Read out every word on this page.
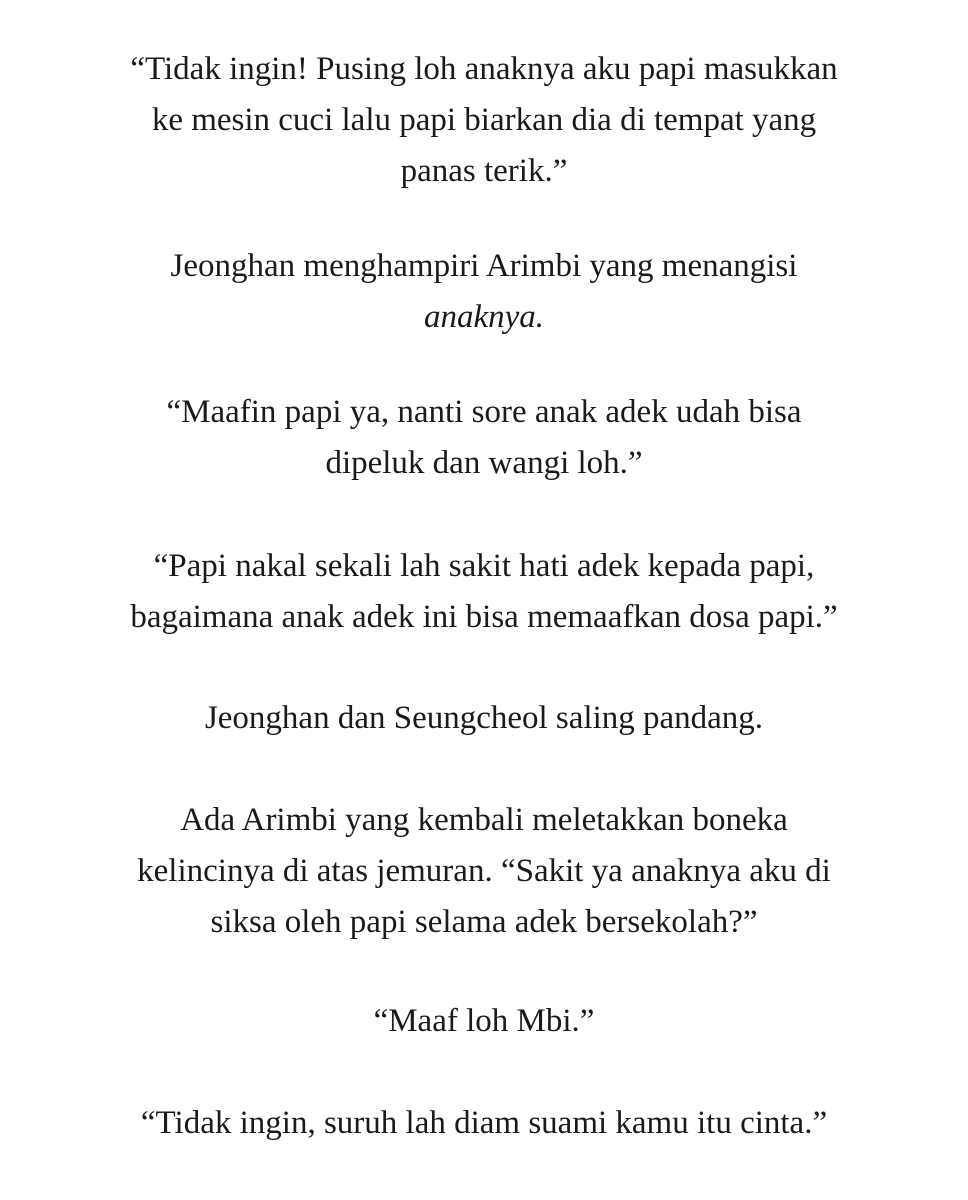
“Tidak ingin! Pusing loh anaknya aku papi masukkan
ke mesin cuci lalu papi biarkan dia di tempat yang
panas terik.”

Jeonghan menghampiri Arimbi yang menangisi
anaknya.

“Maafin papi ya, nanti sore anak adek udah bisa
dipeluk dan wangi loh.”

“Papi nakal sekali lah sakit hati adek kepada papi,
bagaimana anak adek ini bisa memaafkan dosa papi.”

Jeonghan dan Seungcheol saling pandang.

Ada Arimbi yang kembali meletakkan boneka
kelincinya di atas jemuran. “Sakit ya anaknya aku di
siksa oleh papi selama adek bersekolah?”

“Maaf loh Mbi.”

“Tidak ingin, suruh lah diam suami kamu itu cinta.”
